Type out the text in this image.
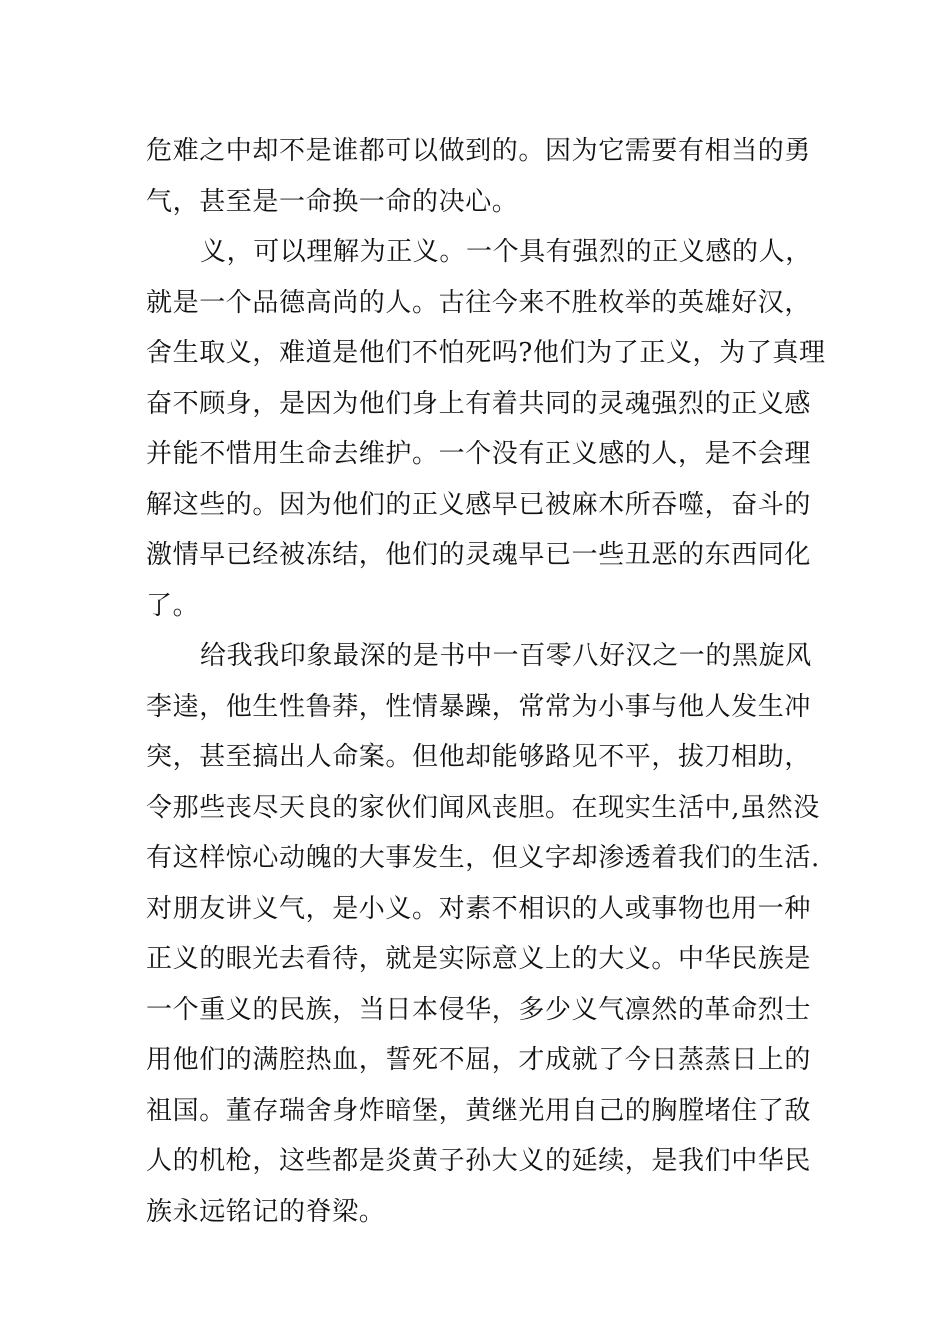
危难之中却不是谁都可以做到的。因为它需要有相当的勇
气，甚至是一命换一命的决心。
义，可以理解为正义。一个具有强烈的正义感的人，
就是一个品德高尚的人。古往今来不胜枚举的英雄好汉，
舍生取义，难道是他们不怕死吗?他们为了正义，为了真理
奋不顾身，是因为他们身上有着共同的灵魂强烈的正义感
并能不惜用生命去维护。一个没有正义感的人，是不会理
解这些的。因为他们的正义感早已被麻木所吞噬，奋斗的
激情早已经被冻结，他们的灵魂早已一些丑恶的东西同化
了。
给我我印象最深的是书中一百零八好汉之一的黑旋风
李逵，他生性鲁莽，性情暴躁，常常为小事与他人发生冲
突，甚至搞出人命案。但他却能够路见不平，拔刀相助，
令那些丧尽天良的家伙们闻风丧胆。在现实生活中,虽然没
有这样惊心动魄的大事发生，但义字却渗透着我们的生活.
对朋友讲义气，是小义。对素不相识的人或事物也用一种
正义的眼光去看待，就是实际意义上的大义。中华民族是
一个重义的民族，当日本侵华，多少义气凛然的革命烈士
用他们的满腔热血，誓死不屈，才成就了今日蒸蒸日上的
祖国。董存瑞舍身炸暗堡，黄继光用自己的胸膛堵住了敌
人的机枪，这些都是炎黄子孙大义的延续，是我们中华民
族永远铭记的脊梁。
